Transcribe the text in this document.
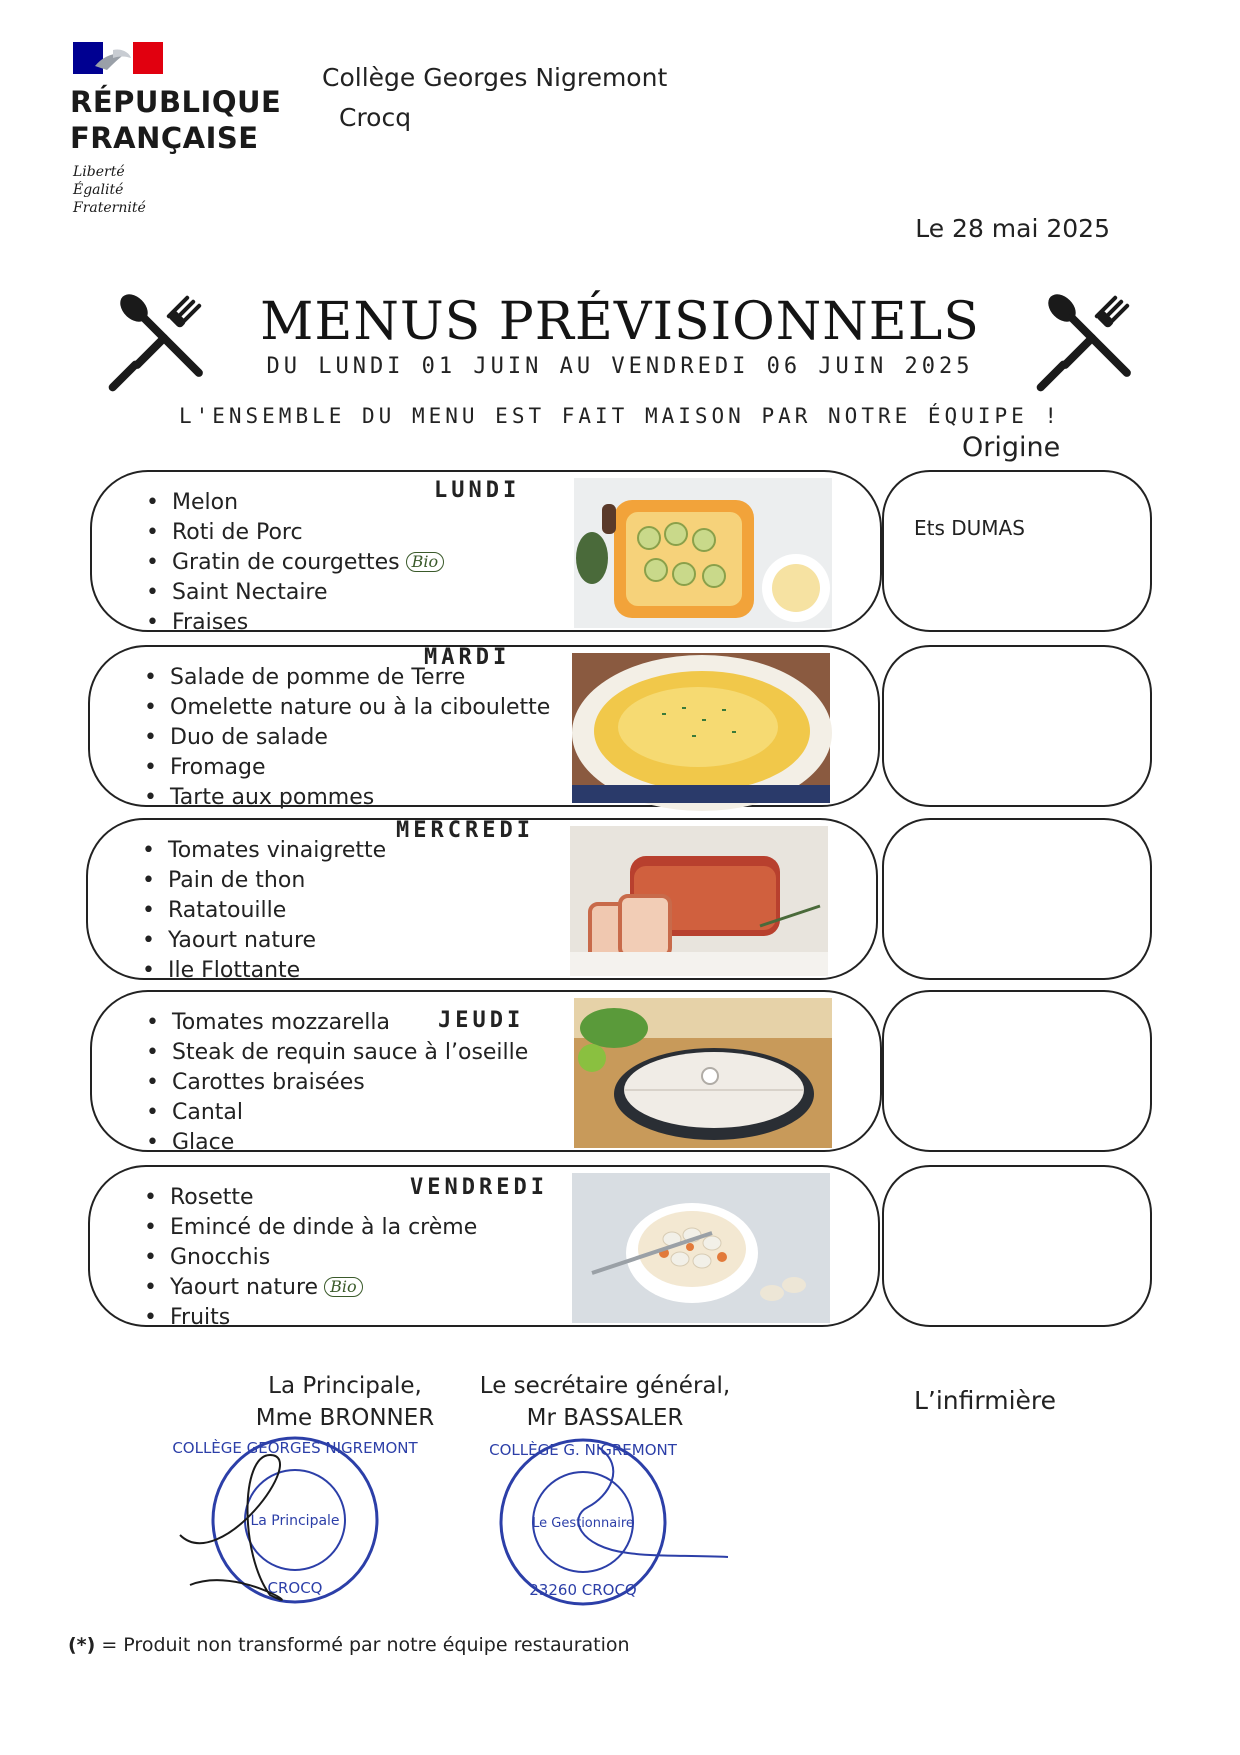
RÉPUBLIQUE
FRANÇAISE
Liberté
Égalité
Fraternité
Collège Georges Nigremont
Crocq
Le 28 mai 2025
MENUS PRÉVISIONNELS
DU LUNDI 01 JUIN AU VENDREDI 06 JUIN 2025
L'ENSEMBLE DU MENU EST FAIT MAISON PAR NOTRE ÉQUIPE !
Origine
• Melon
• Roti de Porc
• Gratin de courgettes Bio
• Saint Nectaire
• Fraises
LUNDI
Ets DUMAS
• Salade de pomme de Terre
• Omelette nature ou à la ciboulette
• Duo de salade
• Fromage
• Tarte aux pommes
MARDI
• Tomates vinaigrette
• Pain de thon
• Ratatouille
• Yaourt nature
• Ile Flottante
MERCREDI
• Tomates mozzarella
• Steak de requin sauce à l’oseille
• Carottes braisées
• Cantal
• Glace
JEUDI
• Rosette
• Emincé de dinde à la crème
• Gnocchis
• Yaourt nature Bio
• Fruits
VENDREDI
La Principale,
Mme BRONNER
Le secrétaire général,
Mr BASSALER
L’infirmière
COLLÈGE GEORGES NIGREMONT
La Principale
CROCQ
COLLÈGE G. NIGREMONT
Le Gestionnaire
23260 CROCQ
(*) = Produit non transformé par notre équipe restauration
